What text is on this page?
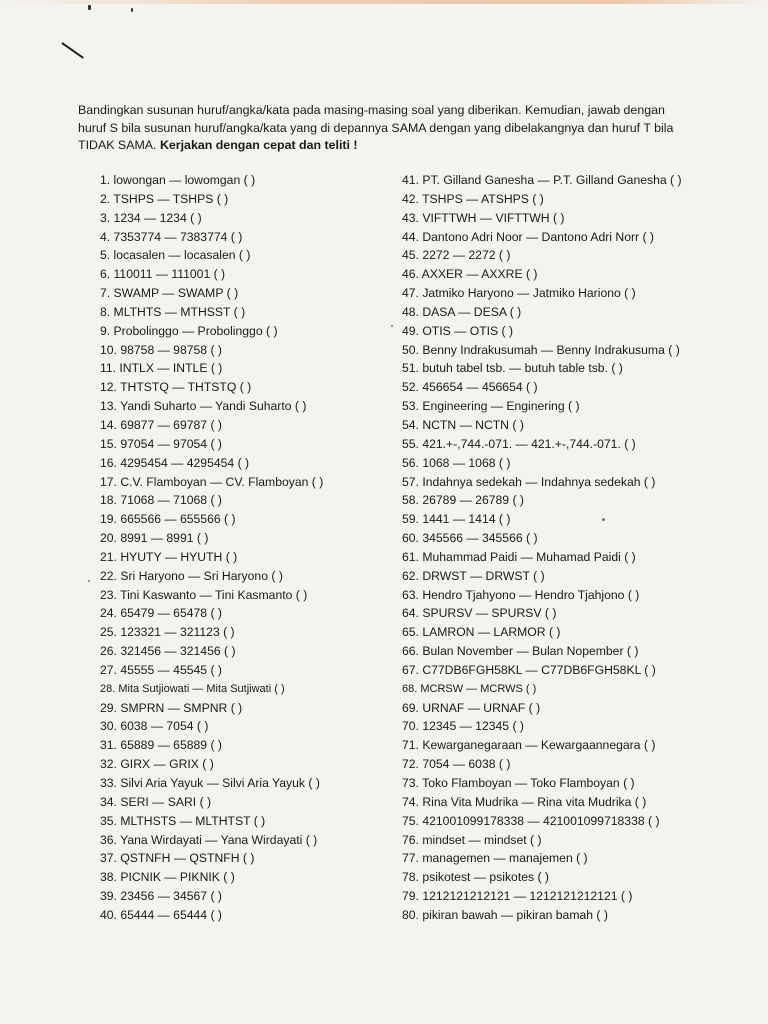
Bandingkan susunan huruf/angka/kata pada masing-masing soal yang diberikan. Kemudian, jawab dengan huruf S bila susunan huruf/angka/kata yang di depannya SAMA dengan yang dibelakangnya dan huruf T bila TIDAK SAMA. Kerjakan dengan cepat dan teliti !
1. lowongan — lowomgan ( )
2. TSHPS — TSHPS ( )
3. 1234 — 1234 ( )
4. 7353774 — 7383774 ( )
5. locasalen — locasalen ( )
6. 110011 — 111001 ( )
7. SWAMP — SWAMP ( )
8. MLTHTS — MTHSST ( )
9. Probolinggo — Probolinggo ( )
10. 98758 — 98758 ( )
11. INTLX — INTLE ( )
12. THTSTQ — THTSTQ ( )
13. Yandi Suharto — Yandi Suharto ( )
14. 69877 — 69787 ( )
15. 97054 — 97054 ( )
16. 4295454 — 4295454 ( )
17. C.V. Flamboyan — CV. Flamboyan ( )
18. 71068 — 71068 ( )
19. 665566 — 655566 ( )
20. 8991 — 8991 ( )
21. HYUTY — HYUTH ( )
22. Sri Haryono — Sri Haryono ( )
23. Tini Kaswanto — Tini Kasmanto ( )
24. 65479 — 65478 ( )
25. 123321 — 321123 ( )
26. 321456 — 321456 ( )
27. 45555 — 45545 ( )
28. Mita Sutjiowati — Mita Sutjiwati ( )
29. SMPRN — SMPNR ( )
30. 6038 — 7054 ( )
31. 65889 — 65889 ( )
32. GIRX — GRIX ( )
33. Silvi Aria Yayuk — Silvi Aria Yayuk ( )
34. SERI — SARI ( )
35. MLTHSTS — MLTHTST ( )
36. Yana Wirdayati — Yana Wirdayati ( )
37. QSTNFH — QSTNFH ( )
38. PICNIK — PIKNIK ( )
39. 23456 — 34567 ( )
40. 65444 — 65444 ( )
41. PT. Gilland Ganesha — P.T. Gilland Ganesha ( )
42. TSHPS — ATSHPS ( )
43. VIFTTWH — VIFTTWH ( )
44. Dantono Adri Noor — Dantono Adri Norr ( )
45. 2272 — 2272 ( )
46. AXXER — AXXRE ( )
47. Jatmiko Haryono — Jatmiko Hariono ( )
48. DASA — DESA ( )
49. OTIS — OTIS ( )
50. Benny Indrakusumah — Benny Indrakusuma ( )
51. butuh tabel tsb. — butuh table tsb. ( )
52. 456654 — 456654 ( )
53. Engineering — Enginering ( )
54. NCTN — NCTN ( )
55. 421.+-,744.-071. — 421.+-,744.-071. ( )
56. 1068 — 1068 ( )
57. Indahnya sedekah — Indahnya sedekah ( )
58. 26789 — 26789 ( )
59. 1441 — 1414 ( )
60. 345566 — 345566 ( )
61. Muhammad Paidi — Muhamad Paidi ( )
62. DRWST — DRWST ( )
63. Hendro Tjahyono — Hendro Tjahjono ( )
64. SPURSV — SPURSV ( )
65. LAMRON — LARMOR ( )
66. Bulan November — Bulan Nopember ( )
67. C77DB6FGH58KL — C77DB6FGH58KL ( )
68. MCRSW — MCRWS ( )
69. URNAF — URNAF ( )
70. 12345 — 12345 ( )
71. Kewarganegaraan — Kewargaannegara ( )
72. 7054 — 6038 ( )
73. Toko Flamboyan — Toko Flamboyan ( )
74. Rina Vita Mudrika — Rina vita Mudrika ( )
75. 421001099178338 — 421001099718338 ( )
76. mindset — mindset ( )
77. managemen — manajemen ( )
78. psikotest — psikotes ( )
79. 1212121212121 — 1212121212121 ( )
80. pikiran bawah — pikiran bamah ( )
